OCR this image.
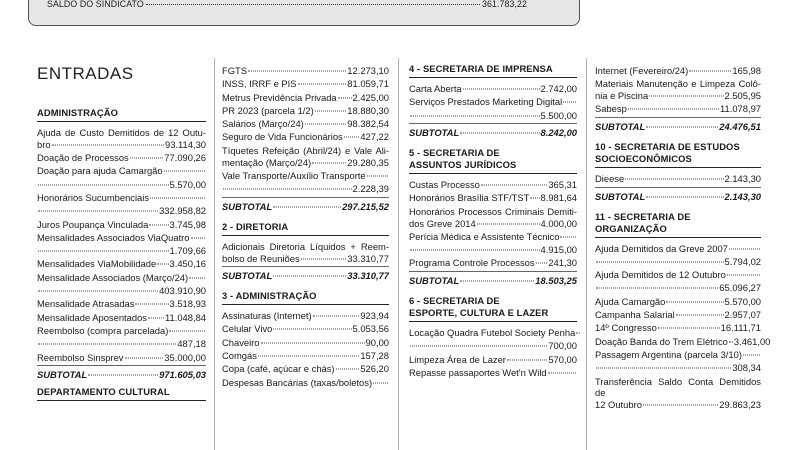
SALDO DO SINDICATO	361.783,22
ENTRADAS
ADMINISTRAÇÃO
Ajuda de Custo Demitidos de 12 Outu-
bro	93.114,30
Doação de Processos	77.090,26
Doação para ajuda Camargão
5.570,00
Honorários Sucumbenciais
332.958,82
Juros Poupança Vinculada 3.745,98
Mensalidades Associados ViaQuatro
1.709,66
Mensalidades ViaMobilidade 3.450,16
Mensalidade Associados (Março/24)
403.910,90
Mensalidade Atrasadas	3.518,93
Mensalidade Aposentados 11.048,84
Reembolso (compra parcelada)
487,18
Reembolso Sinsprev	35.000,00
SUBTOTAL	971.605,03
DEPARTAMENTO CULTURAL
FGTS	12.273,10
INSS, IRRF e PIS	81.059,71
Metrus Previdência Privada 2.425,00
PR 2023 (parcela 1/2)	18.880,30
Salários (Março/24)	98.382,54
Seguro de Vida Funcionários 427,22
Tíquetes Refeição (Abril/24) e Vale Ali-
mentação (Março/24)	29.280,35
Vale Transporte/Auxílio Transporte
2.228,39
SUBTOTAL	297.215,52
2 - DIRETORIA
Adicionais Diretoria Líquidos + Reem-
bolso de Reuniões	33.310,77
SUBTOTAL	33.310,77
3 - ADMINISTRAÇÃO
Assinaturas (Internet)	923,94
Celular Vivo	5.053,56
Chaveiro	90,00
Comgás	157,28
Copa (café, açúcar e chás)	526,20
Despesas Bancárias (taxas/boletos)
4 - SECRETARIA DE IMPRENSA
Carta Aberta	2.742,00
Serviços Prestados Marketing Digital
5.500,00
SUBTOTAL	8.242,00
5 - SECRETARIA DE
ASSUNTOS JURÍDICOS
Custas Processo	365,31
Honorários Brasília STF/TST 8.981,64
Honorários Processos Criminais Demiti-
dos Greve 2014	4.000,00
Perícia Médica e Assistente Técnico
4.915,00
Programa Controle Processos 241,30
SUBTOTAL	18.503,25
6 - SECRETARIA DE
ESPORTE, CULTURA E LAZER
Locação Quadra Futebol Society Penha
700,00
Limpeza Área de Lazer	570,00
Repasse passaportes Wet'n Wild
Internet (Fevereiro/24)	165,98
Materiais Manutenção e Limpeza Colô-
nia e Piscina	2.505,95
Sabesp	11.078,97
SUBTOTAL	24.476,51
10 - SECRETARIA DE ESTUDOS
SOCIOECONÔMICOS
Dieese	2.143,30
SUBTOTAL	2.143,30
11 - SECRETARIA DE ORGANIZAÇÃO
Ajuda Demitidos da Greve 2007
5.794,02
Ajuda Demitidos de 12 Outubro
65.096,27
Ajuda Camargão	5.570,00
Campanha Salarial	2.957,07
14º Congresso	16.111,71
Doação Banda do Trem Elétrico 3.461,00
Passagem Argentina (parcela 3/10)
308,34
Transferência Saldo Conta Demitidos de
12 Outubro	29.863,23
